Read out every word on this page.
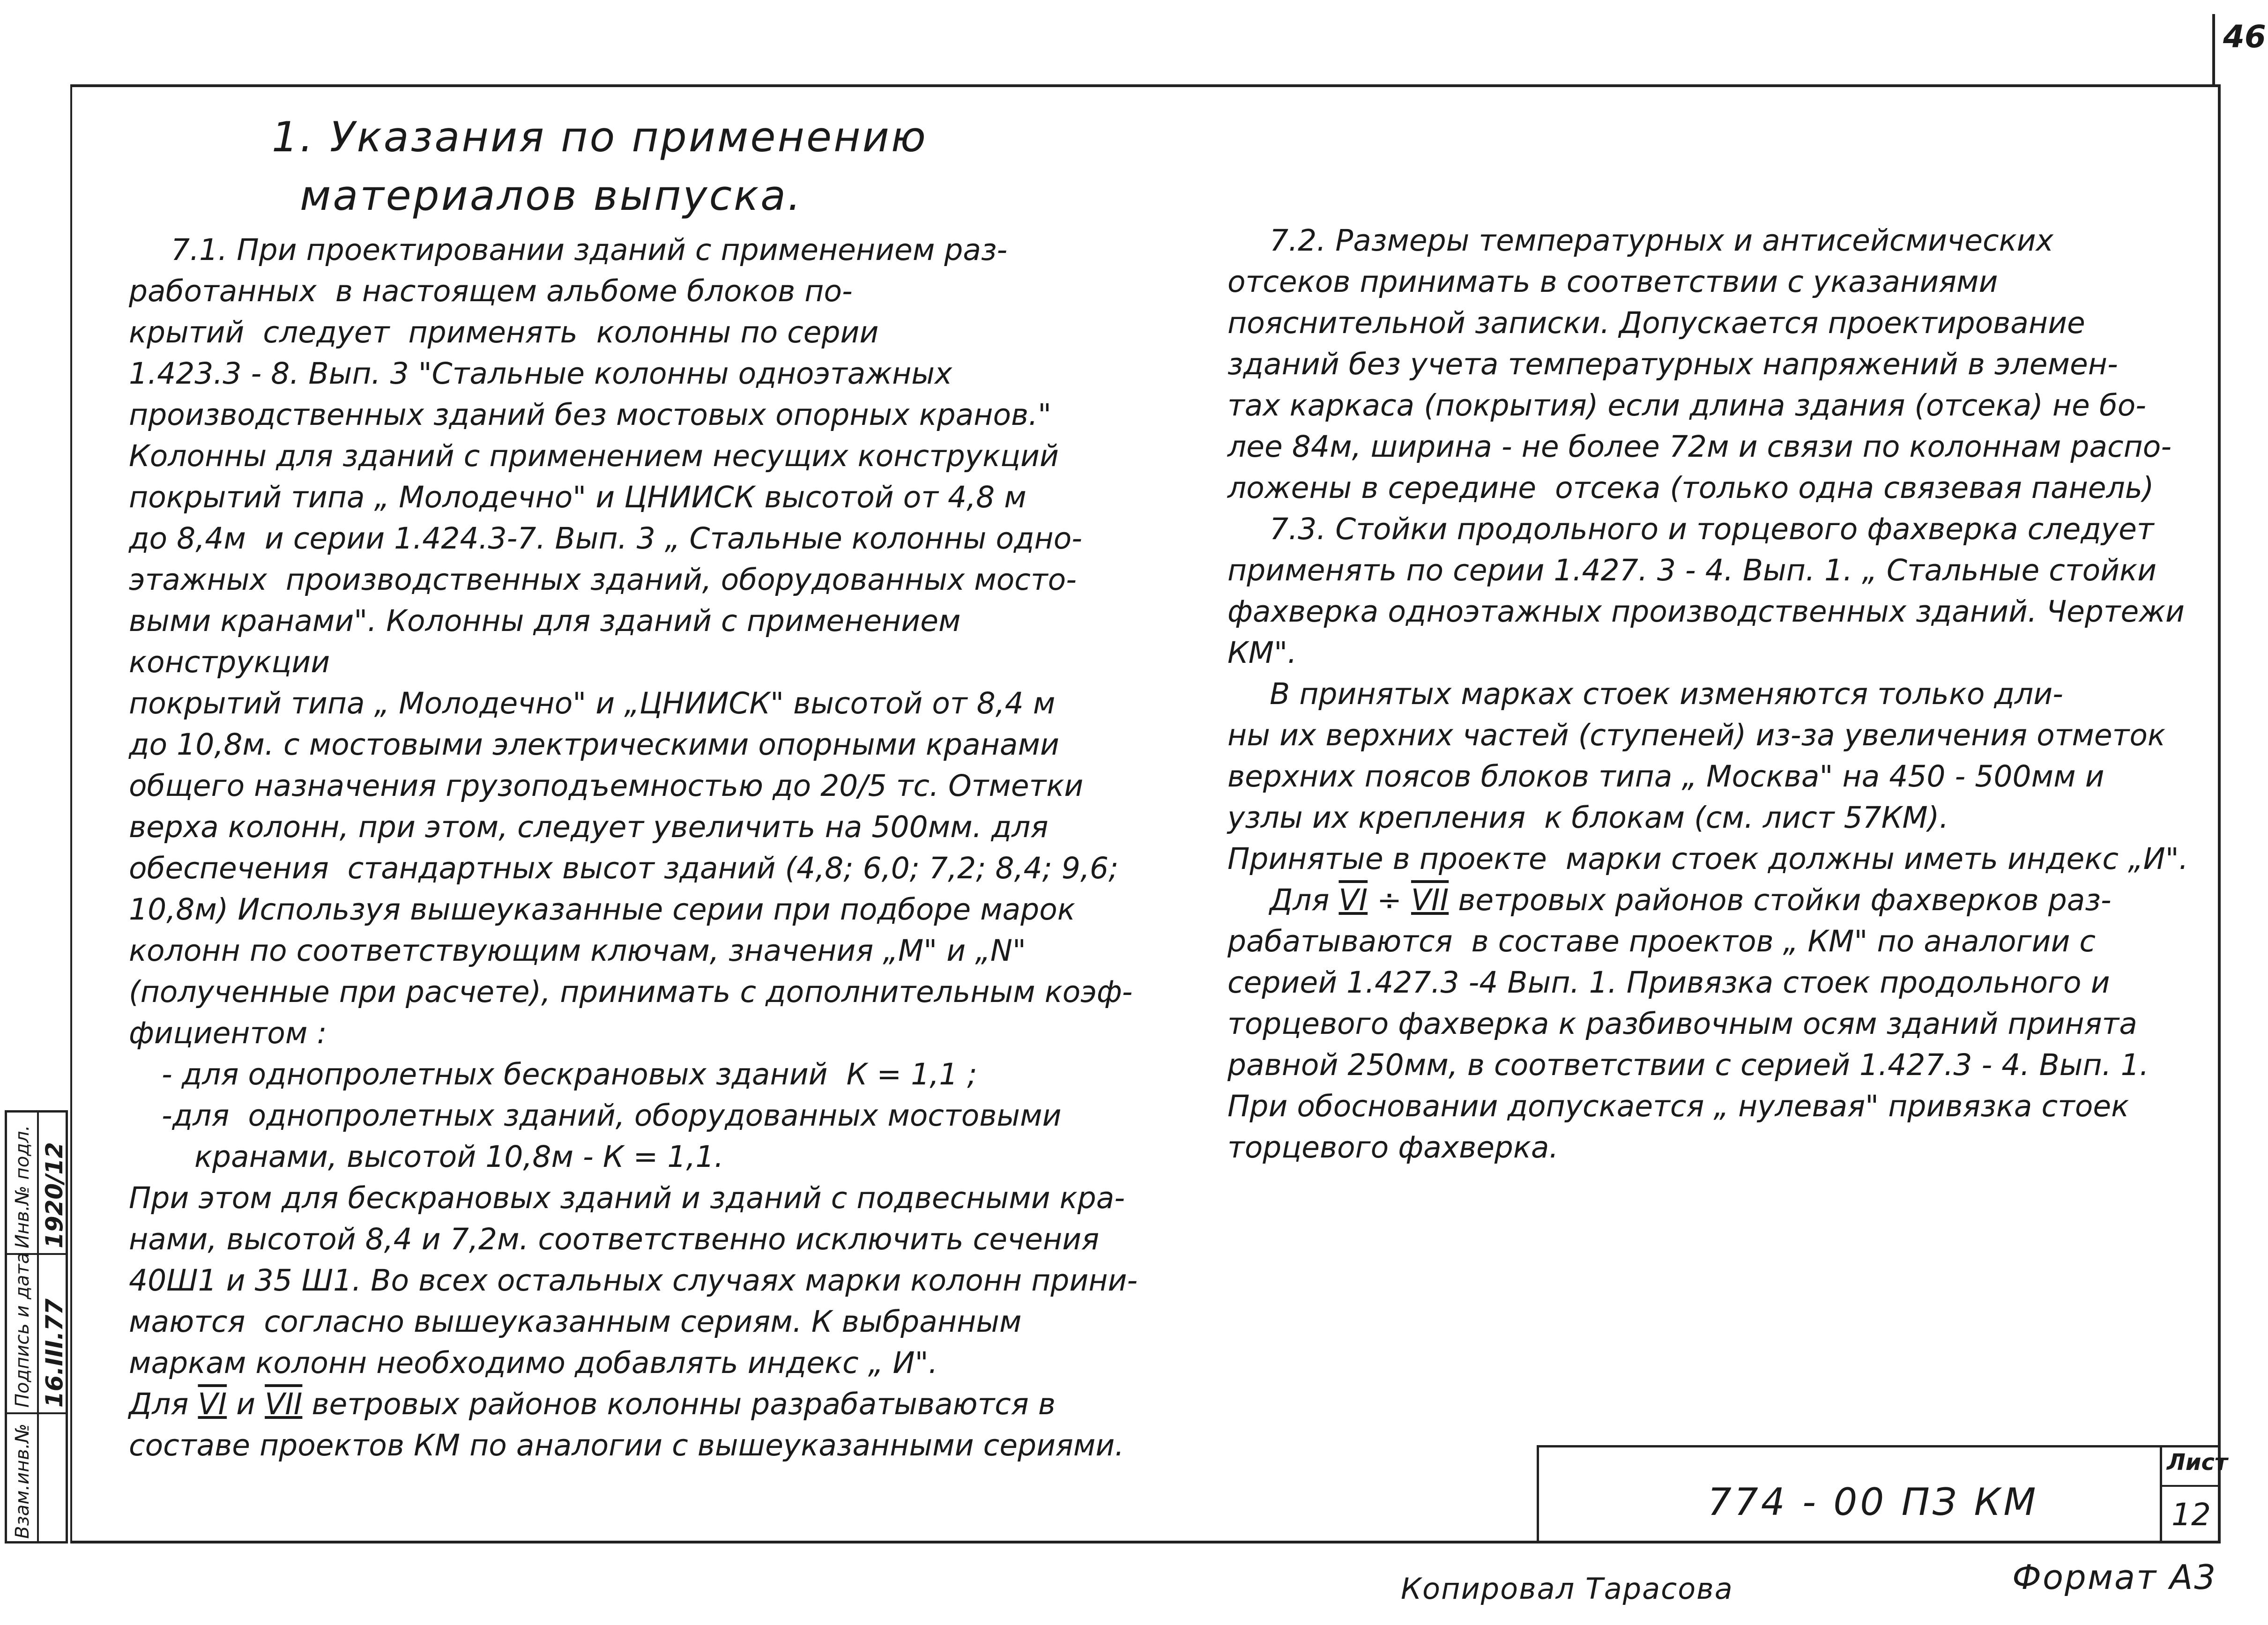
46
1. Указания по применению
материалов выпуска.

7.1. При проектировании зданий с применением раз-

работанных  в настоящем альбоме блоков по-

крытий  следует  применять  колонны по серии

1.423.3 - 8. Вып. 3 "Стальные колонны одноэтажных

производственных зданий без мостовых опорных кранов."

Колонны для зданий с применением несущих конструкций

покрытий типа „ Молодечно" и ЦНИИСК высотой от 4,8 м

до 8,4м  и серии 1.424.3-7. Вып. 3 „ Стальные колонны одно-

этажных  производственных зданий, оборудованных мосто-

выми кранами". Колонны для зданий с применением конструкции

покрытий типа „ Молодечно" и „ЦНИИСК" высотой от 8,4 м

до 10,8м. с мостовыми электрическими опорными кранами

общего назначения грузоподъемностью до 20/5 тс. Отметки

верха колонн, при этом, следует увеличить на 500мм. для

обеспечения  стандартных высот зданий (4,8; 6,0; 7,2; 8,4; 9,6;

10,8м) Используя вышеуказанные серии при подборе марок

колонн по соответствующим ключам, значения „М" и „N"

(полученные при расчете), принимать с дополнительным коэф-

фициентом :

- для однопролетных бескрановых зданий  К = 1,1 ;

-для  однопролетных зданий, оборудованных мостовыми

кранами, высотой 10,8м - К = 1,1.

При этом для бескрановых зданий и зданий с подвесными кра-

нами, высотой 8,4 и 7,2м. соответственно исключить сечения

40Ш1 и 35 Ш1. Во всех остальных случаях марки колонн прини-

маются  согласно вышеуказанным сериям. К выбранным

маркам колонн необходимо добавлять индекс „ И".

Для VI и VII ветровых районов колонны разрабатываются в

составе проектов КМ по аналогии с вышеуказанными сериями.

7.2. Размеры температурных и антисейсмических

отсеков принимать в соответствии с указаниями

пояснительной записки. Допускается проектирование

зданий без учета температурных напряжений в элемен-

тах каркаса (покрытия) если длина здания (отсека) не бо-

лее 84м, ширина - не более 72м и связи по колоннам распо-

ложены в середине  отсека (только одна связевая панель)

7.3. Стойки продольного и торцевого фахверка следует

применять по серии 1.427. 3 - 4. Вып. 1. „ Стальные стойки

фахверка одноэтажных производственных зданий. Чертежи КМ".

В принятых марках стоек изменяются только дли-

ны их верхних частей (ступеней) из-за увеличения отметок

верхних поясов блоков типа „ Москва" на 450 - 500мм и

узлы их крепления  к блокам (см. лист 57КМ).

Принятые в проекте  марки стоек должны иметь индекс „И".

Для VI ÷ VII ветровых районов стойки фахверков раз-

рабатываются  в составе проектов „ КМ" по аналогии с

серией 1.427.3 -4 Вып. 1. Привязка стоек продольного и

торцевого фахверка к разбивочным осям зданий принята

равной 250мм, в соответствии с серией 1.427.3 - 4. Вып. 1.

При обосновании допускается „ нулевая" привязка стоек

торцевого фахверка.

Инв.№ подл.
Подпись и дата
Взам.инв.№
1920/12
16.III.77
774 - 00 ПЗ КМ
Лист
12
Копировал Тарасова	Формат А3
